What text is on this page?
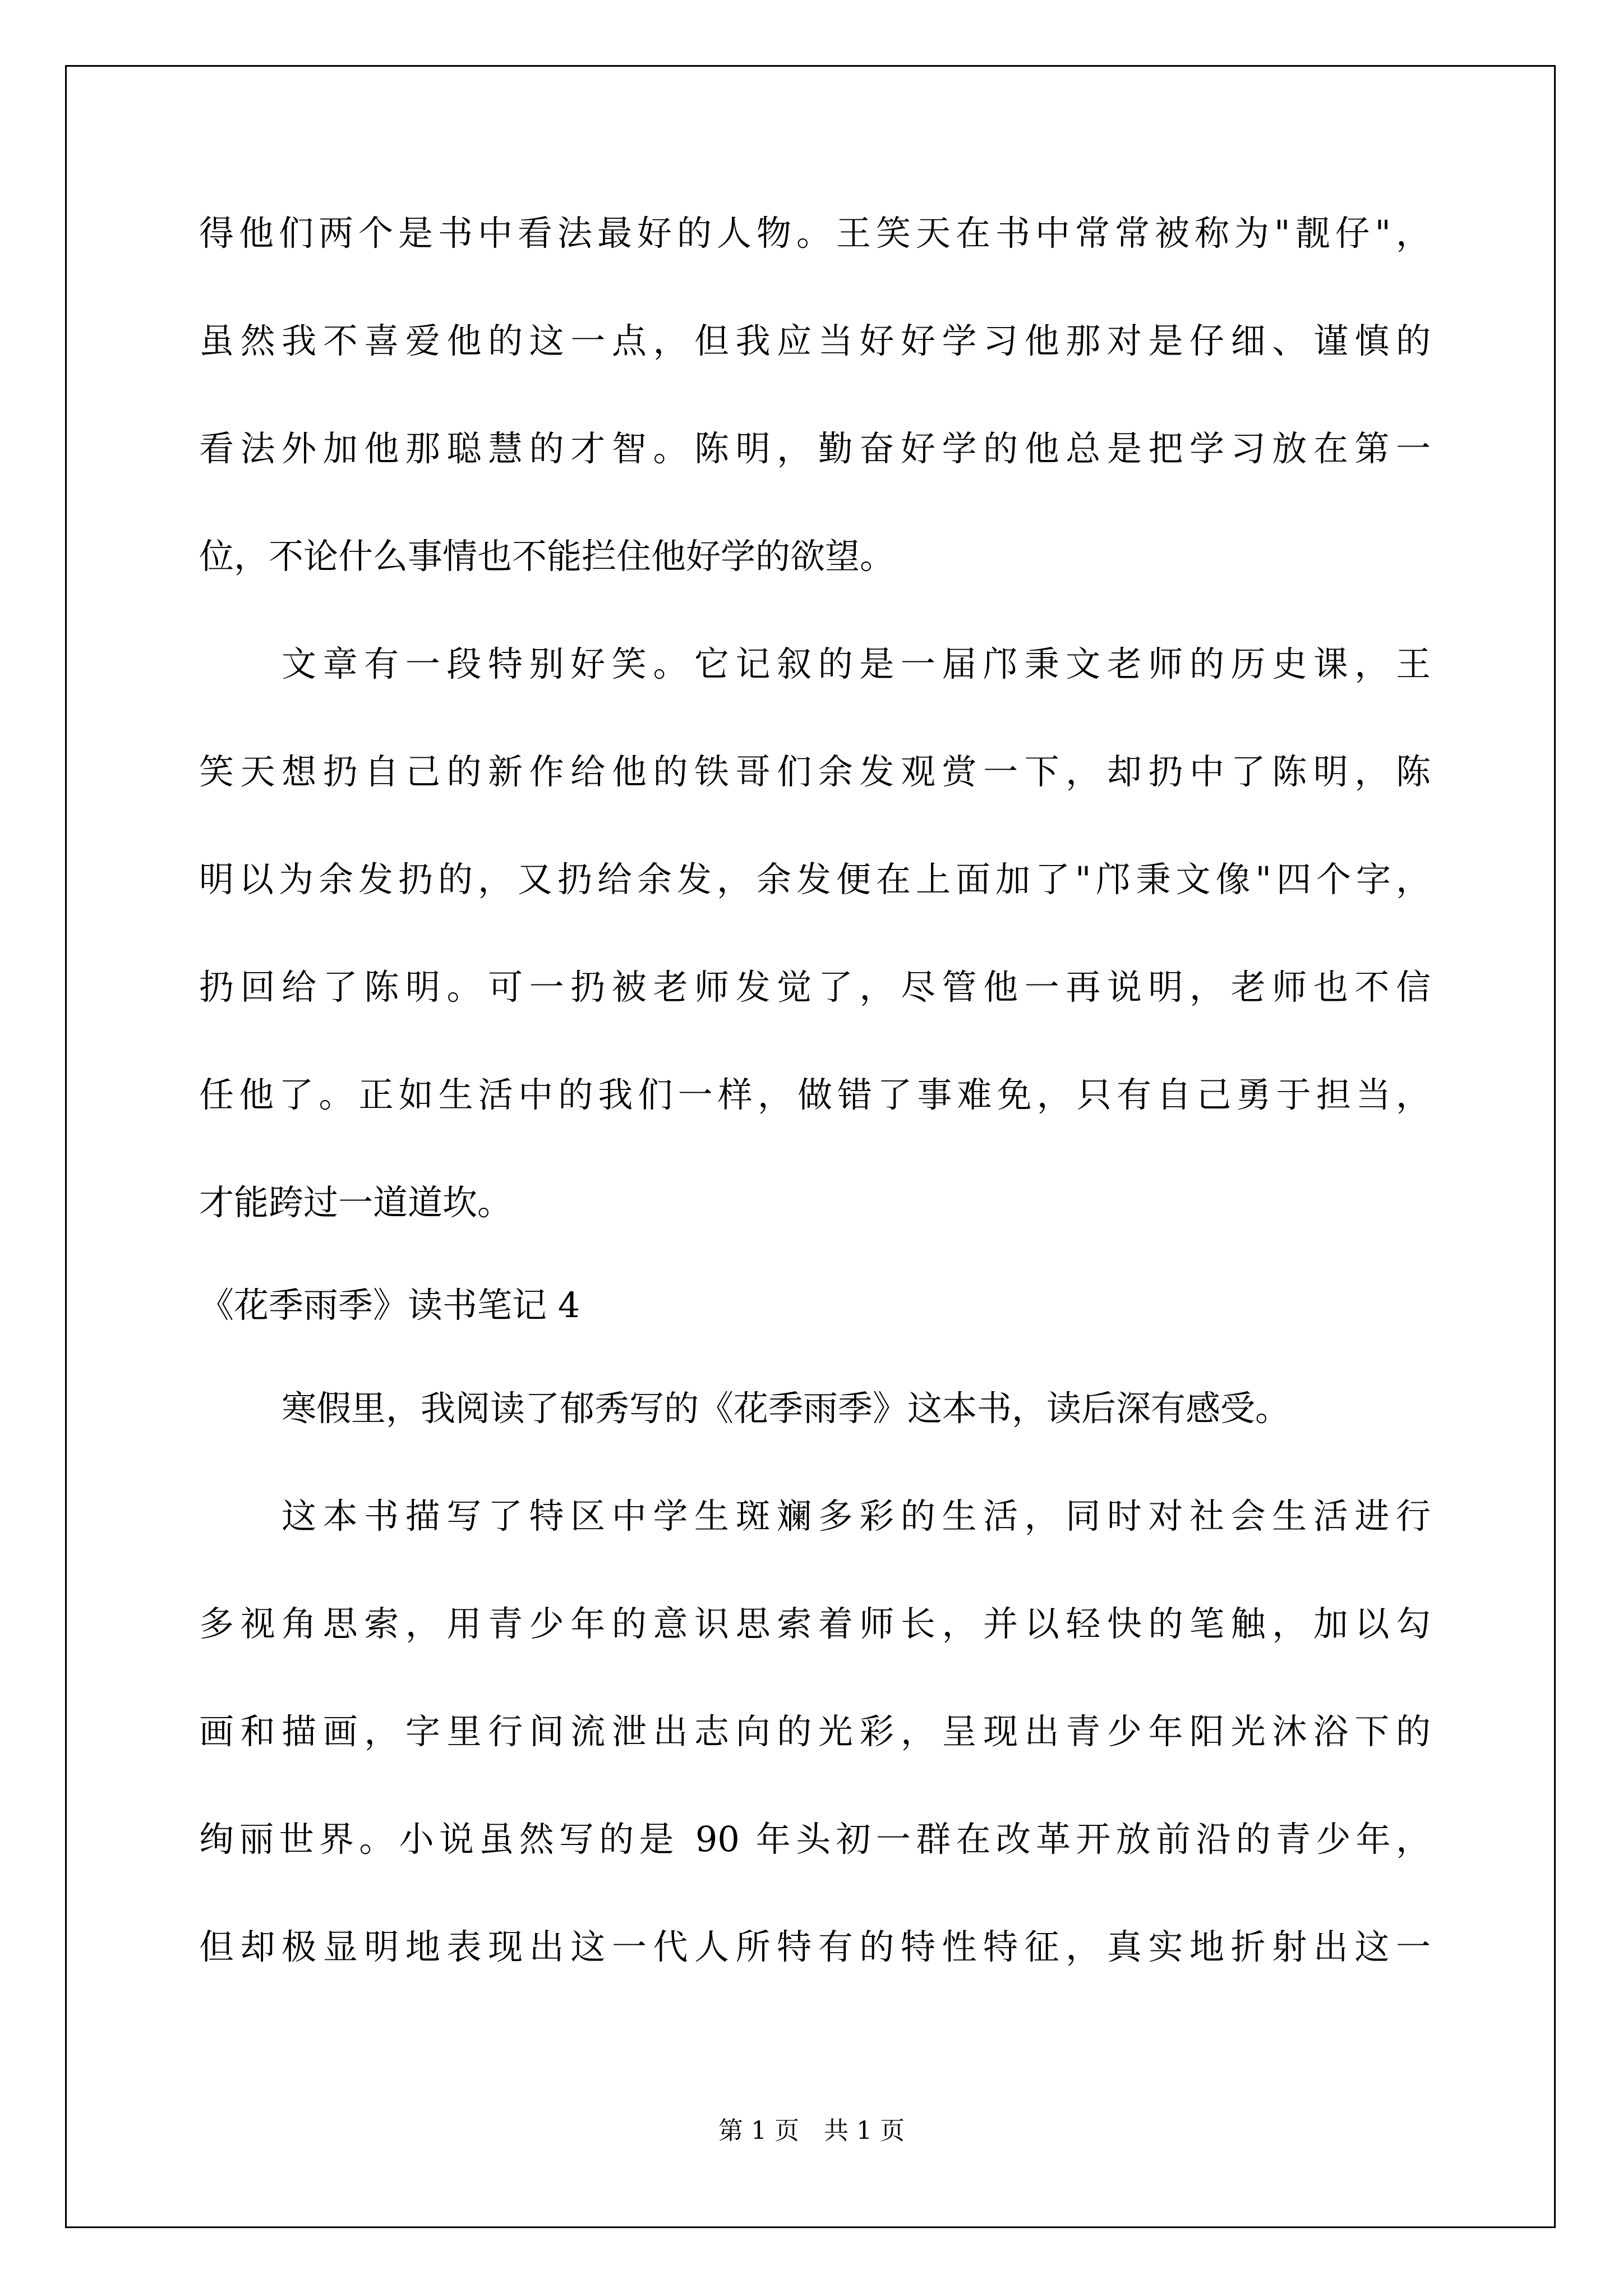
得他们两个是书中看法最好的人物。王笑天在书中常常被称为"靓仔"，
虽然我不喜爱他的这一点，但我应当好好学习他那对是仔细、谨慎的
看法外加他那聪慧的才智。陈明，勤奋好学的他总是把学习放在第一
位，不论什么事情也不能拦住他好学的欲望。
文章有一段特别好笑。它记叙的是一届邝秉文老师的历史课，王
笑天想扔自己的新作给他的铁哥们余发观赏一下，却扔中了陈明，陈
明以为余发扔的，又扔给余发，余发便在上面加了"邝秉文像"四个字，
扔回给了陈明。可一扔被老师发觉了，尽管他一再说明，老师也不信
任他了。正如生活中的我们一样，做错了事难免，只有自己勇于担当，
才能跨过一道道坎。
《花季雨季》读书笔记 4
寒假里，我阅读了郁秀写的《花季雨季》这本书，读后深有感受。
这本书描写了特区中学生斑斓多彩的生活，同时对社会生活进行
多视角思索，用青少年的意识思索着师长，并以轻快的笔触，加以勾
画和描画，字里行间流泄出志向的光彩，呈现出青少年阳光沐浴下的
绚丽世界。小说虽然写的是 90 年头初一群在改革开放前沿的青少年，
但却极显明地表现出这一代人所特有的特性特征，真实地折射出这一
第 1 页　共 1 页
